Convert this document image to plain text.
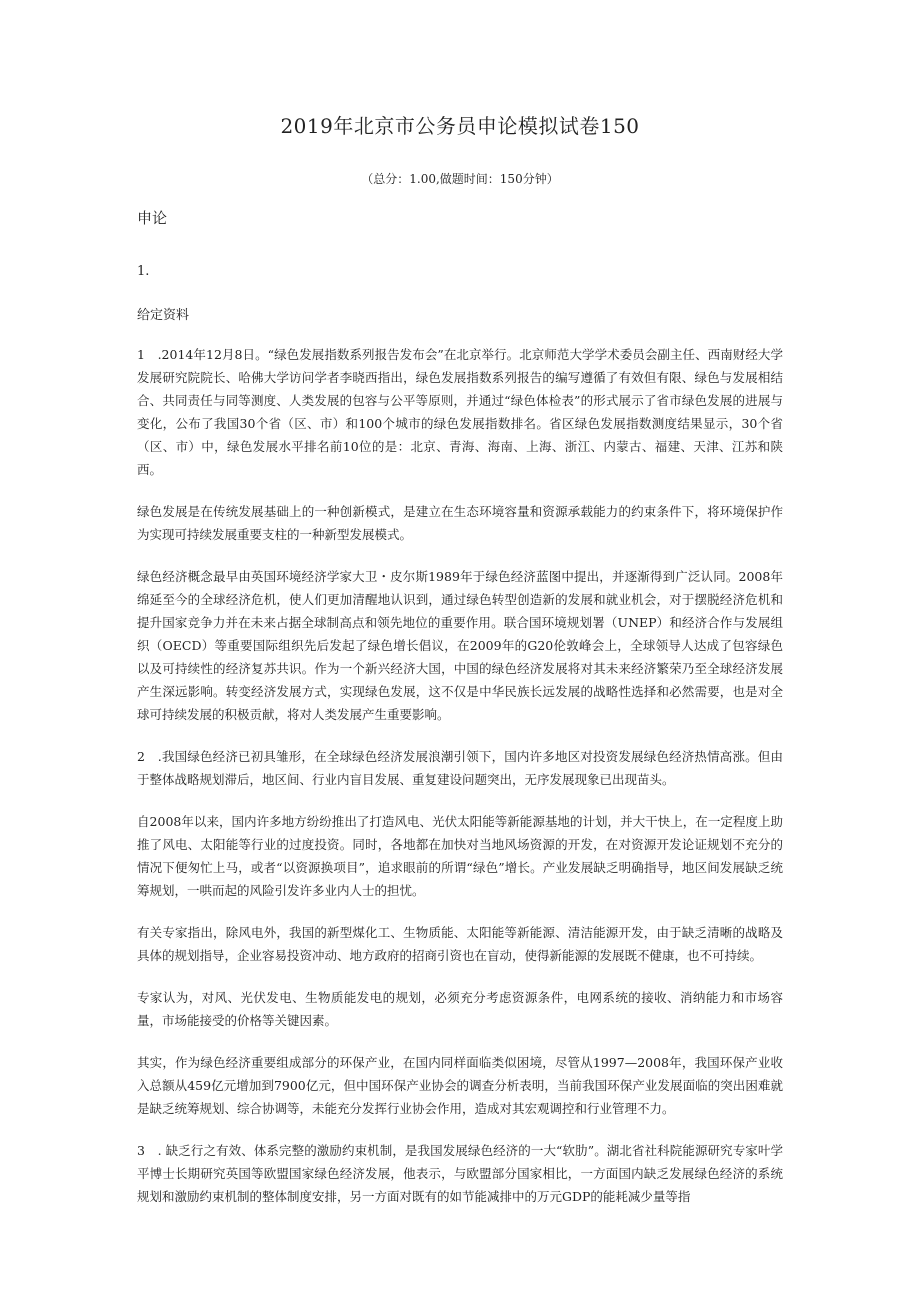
2019年北京市公务员申论模拟试卷150

（总分：1.00,做题时间：150分钟）

申论

1.

给定资料

1　.2014年12月8日。“绿色发展指数系列报告发布会”在北京举行。北京师范大学学术委员会副主任、西南财经大学发展研究院院长、哈佛大学访问学者李晓西指出，绿色发展指数系列报告的编写遵循了有效但有限、绿色与发展相结合、共同责任与同等测度、人类发展的包容与公平等原则，并通过“绿色体检表”的形式展示了省市绿色发展的进展与变化，公布了我国30个省（区、市）和100个城市的绿色发展指数排名。省区绿色发展指数测度结果显示，30个省（区、市）中，绿色发展水平排名前10位的是：北京、青海、海南、上海、浙江、内蒙古、福建、天津、江苏和陕西。

绿色发展是在传统发展基础上的一种创新模式，是建立在生态环境容量和资源承载能力的约束条件下，将环境保护作为实现可持续发展重要支柱的一种新型发展模式。

绿色经济概念最早由英国环境经济学家大卫・皮尔斯1989年于绿色经济蓝图中提出，并逐渐得到广泛认同。2008年绵延至今的全球经济危机，使人们更加清醒地认识到，通过绿色转型创造新的发展和就业机会，对于摆脱经济危机和提升国家竞争力并在未来占据全球制高点和领先地位的重要作用。联合国环境规划署（UNEP）和经济合作与发展组织（OECD）等重要国际组织先后发起了绿色增长倡议，在2009年的G20伦敦峰会上，全球领导人达成了包容绿色以及可持续性的经济复苏共识。作为一个新兴经济大国，中国的绿色经济发展将对其未来经济繁荣乃至全球经济发展产生深远影响。转变经济发展方式，实现绿色发展，这不仅是中华民族长远发展的战略性选择和必然需要，也是对全球可持续发展的积极贡献，将对人类发展产生重要影响。

2　.我国绿色经济已初具雏形，在全球绿色经济发展浪潮引领下，国内许多地区对投资发展绿色经济热情高涨。但由于整体战略规划滞后，地区间、行业内盲目发展、重复建设问题突出，无序发展现象已出现苗头。

自2008年以来，国内许多地方纷纷推出了打造风电、光伏太阳能等新能源基地的计划，并大干快上，在一定程度上助推了风电、太阳能等行业的过度投资。同时，各地都在加快对当地风场资源的开发，在对资源开发论证规划不充分的情况下便匆忙上马，或者“以资源换项目”，追求眼前的所谓“绿色”增长。产业发展缺乏明确指导，地区间发展缺乏统筹规划，一哄而起的风险引发许多业内人士的担忧。

有关专家指出，除风电外，我国的新型煤化工、生物质能、太阳能等新能源、清洁能源开发，由于缺乏清晰的战略及具体的规划指导，企业容易投资冲动、地方政府的招商引资也在盲动，使得新能源的发展既不健康，也不可持续。

专家认为，对风、光伏发电、生物质能发电的规划，必须充分考虑资源条件，电网系统的接收、消纳能力和市场容量，市场能接受的价格等关键因素。

其实，作为绿色经济重要组成部分的环保产业，在国内同样面临类似困境，尽管从1997—2008年，我国环保产业收入总额从459亿元增加到7900亿元，但中国环保产业协会的调查分析表明，当前我国环保产业发展面临的突出困难就是缺乏统筹规划、综合协调等，未能充分发挥行业协会作用，造成对其宏观调控和行业管理不力。

3　. 缺乏行之有效、体系完整的激励约束机制，是我国发展绿色经济的一大“软肋”。湖北省社科院能源研究专家叶学平博士长期研究英国等欧盟国家绿色经济发展，他表示，与欧盟部分国家相比，一方面国内缺乏发展绿色经济的系统规划和激励约束机制的整体制度安排，另一方面对既有的如节能减排中的万元GDP的能耗减少量等指
